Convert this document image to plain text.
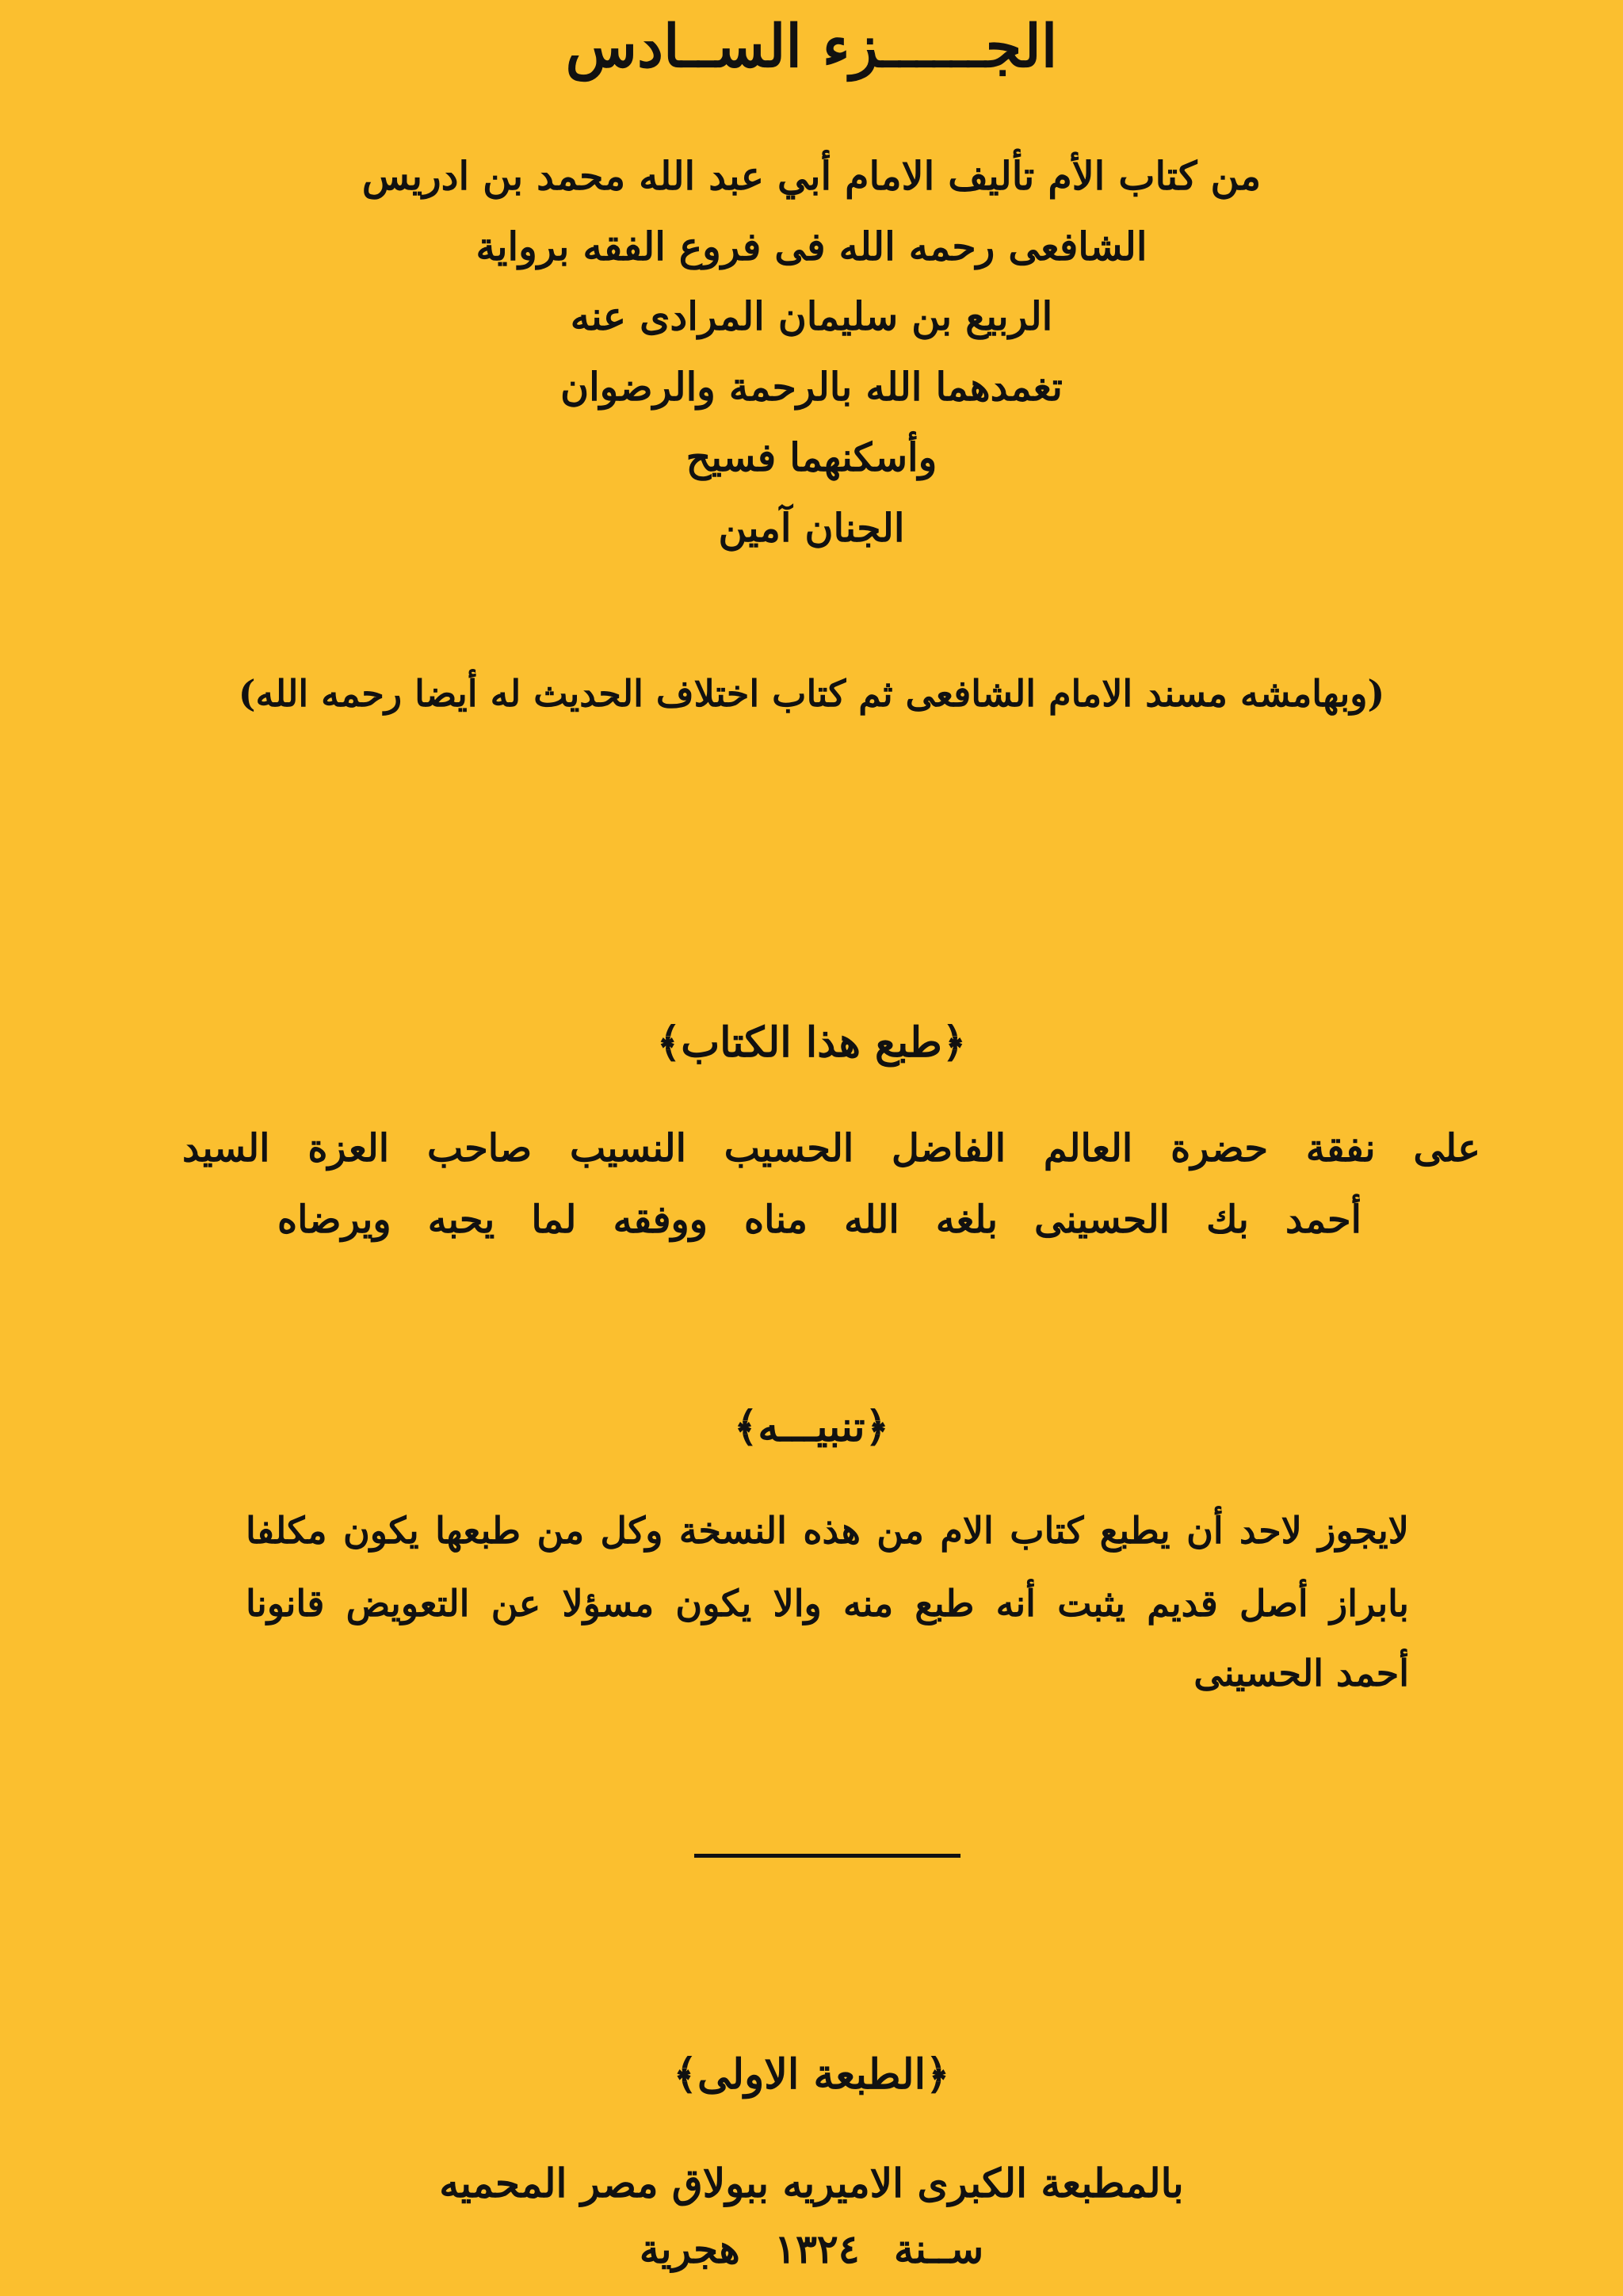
الجــــــزء الســادس
من كتاب الأم تأليف الامام أبي عبد الله محمد بن ادريس
الشافعى رحمه الله فى فروع الفقه برواية
الربيع بن سليمان المرادى عنه
تغمدهما الله بالرحمة والرضوان
وأسكنهما فسيح
الجنان آمين
(وبهامشه مسند الامام الشافعى ثم كتاب اختلاف الحديث له أيضا رحمه الله)
﴿طبع هذا الكتاب﴾
على نفقة حضرة العالم الفاضل الحسيب النسيب صاحب العزة السيد
أحمد بك الحسينى بلغه الله مناه ووفقه لما يحبه ويرضاه
﴿تنبيـــه﴾
لايجوز لاحد أن يطبع كتاب الام من هذه النسخة وكل من طبعها يكون مكلفا
بابراز أصل قديم يثبت أنه طبع منه والا يكون مسؤلا عن التعويض قانونا
أحمد الحسينى
﴿الطبعة الاولى﴾
بالمطبعة الكبرى الاميريه ببولاق مصر المحميه
ســنة ١٣٢٤ هجرية
